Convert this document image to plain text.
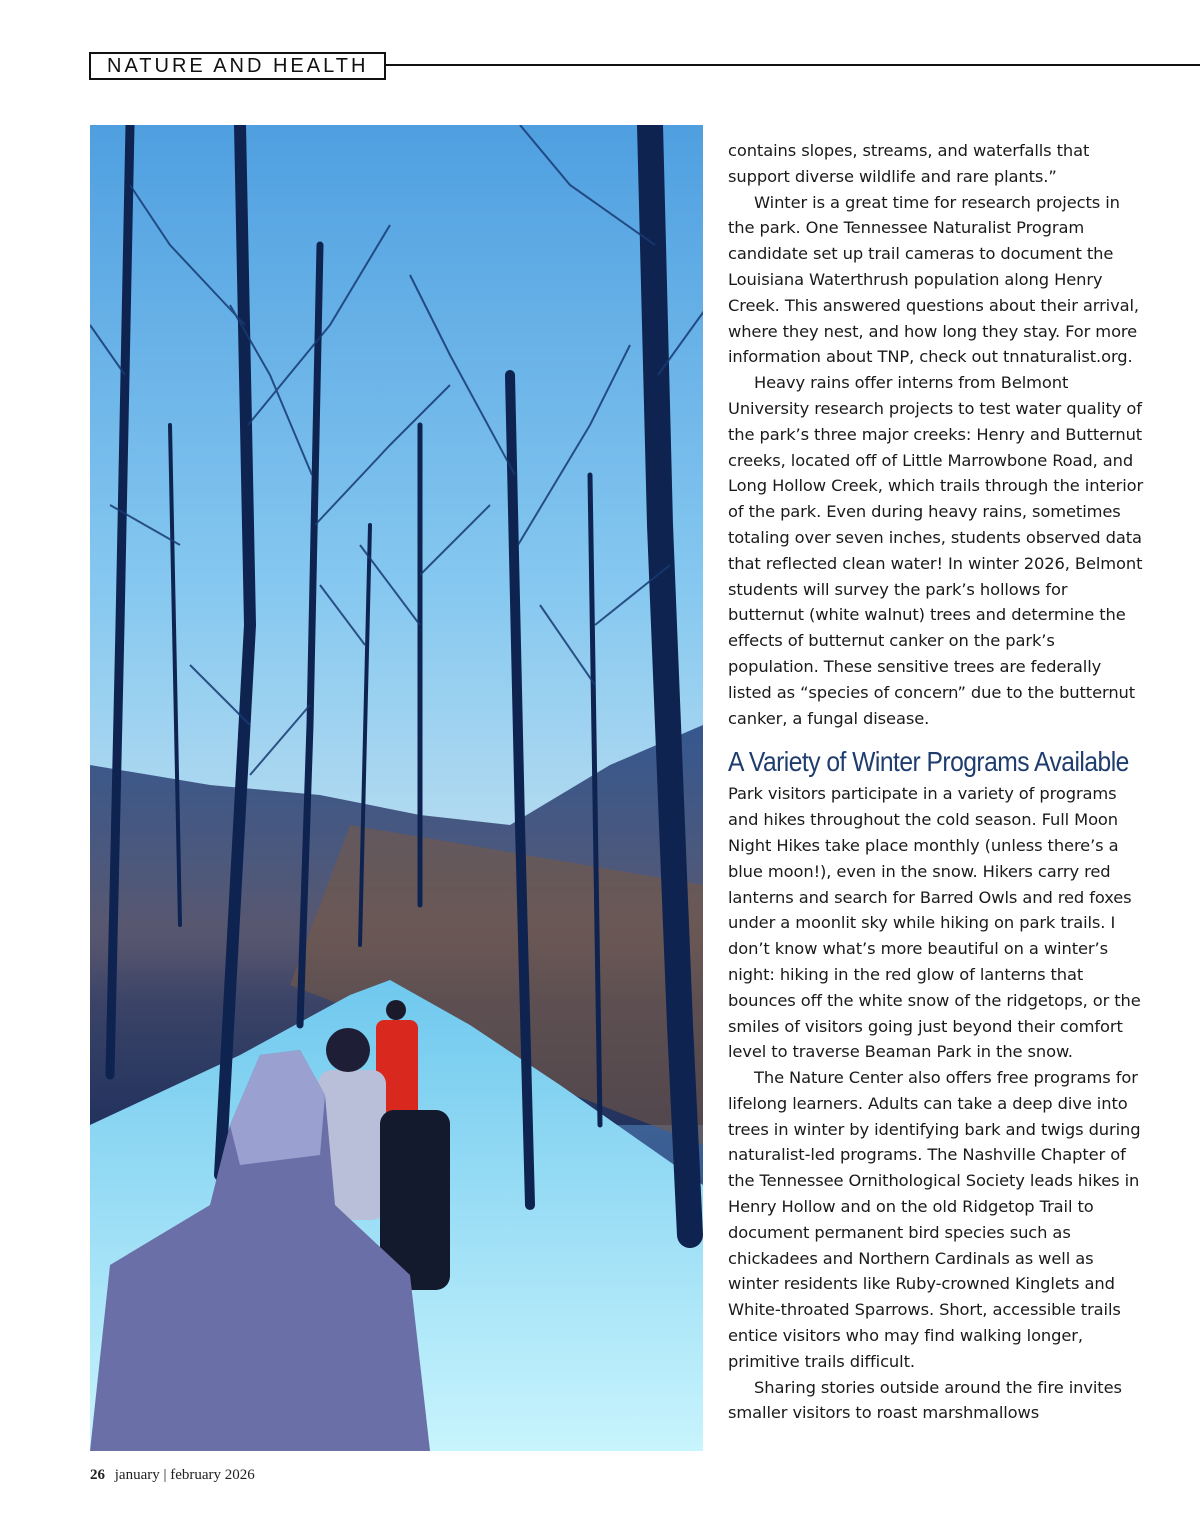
NATURE AND HEALTH

contains slopes, streams, and waterfalls that support diverse wildlife and rare plants.”

Winter is a great time for research projects in the park. One Tennessee Naturalist Program candidate set up trail cameras to document the Louisiana Waterthrush population along Henry Creek. This answered questions about their arrival, where they nest, and how long they stay. For more information about TNP, check out tnnaturalist.org.

Heavy rains offer interns from Belmont University research projects to test water quality of the park’s three major creeks: Henry and Butternut creeks, located off of Little Marrowbone Road, and Long Hollow Creek, which trails through the interior of the park. Even during heavy rains, sometimes totaling over seven inches, students observed data that reflected clean water! In winter 2026, Belmont students will survey the park’s hollows for butternut (white walnut) trees and determine the effects of butternut canker on the park’s population. These sensitive trees are federally listed as “species of concern” due to the butternut canker, a fungal disease.

A Variety of Winter Programs Available

Park visitors participate in a variety of programs and hikes throughout the cold season. Full Moon Night Hikes take place monthly (unless there’s a blue moon!), even in the snow. Hikers carry red lanterns and search for Barred Owls and red foxes under a moonlit sky while hiking on park trails. I don’t know what’s more beautiful on a winter’s night: hiking in the red glow of lanterns that bounces off the white snow of the ridgetops, or the smiles of visitors going just beyond their comfort level to traverse Beaman Park in the snow.

The Nature Center also offers free programs for lifelong learners. Adults can take a deep dive into trees in winter by identifying bark and twigs during naturalist-led programs. The Nashville Chapter of the Tennessee Ornithological Society leads hikes in Henry Hollow and on the old Ridgetop Trail to document permanent bird species such as chickadees and Northern Cardinals as well as winter residents like Ruby-crowned Kinglets and White-throated Sparrows. Short, accessible trails entice visitors who may find walking longer, primitive trails difficult.

Sharing stories outside around the fire invites smaller visitors to roast marshmallows

26 january | february 2026
